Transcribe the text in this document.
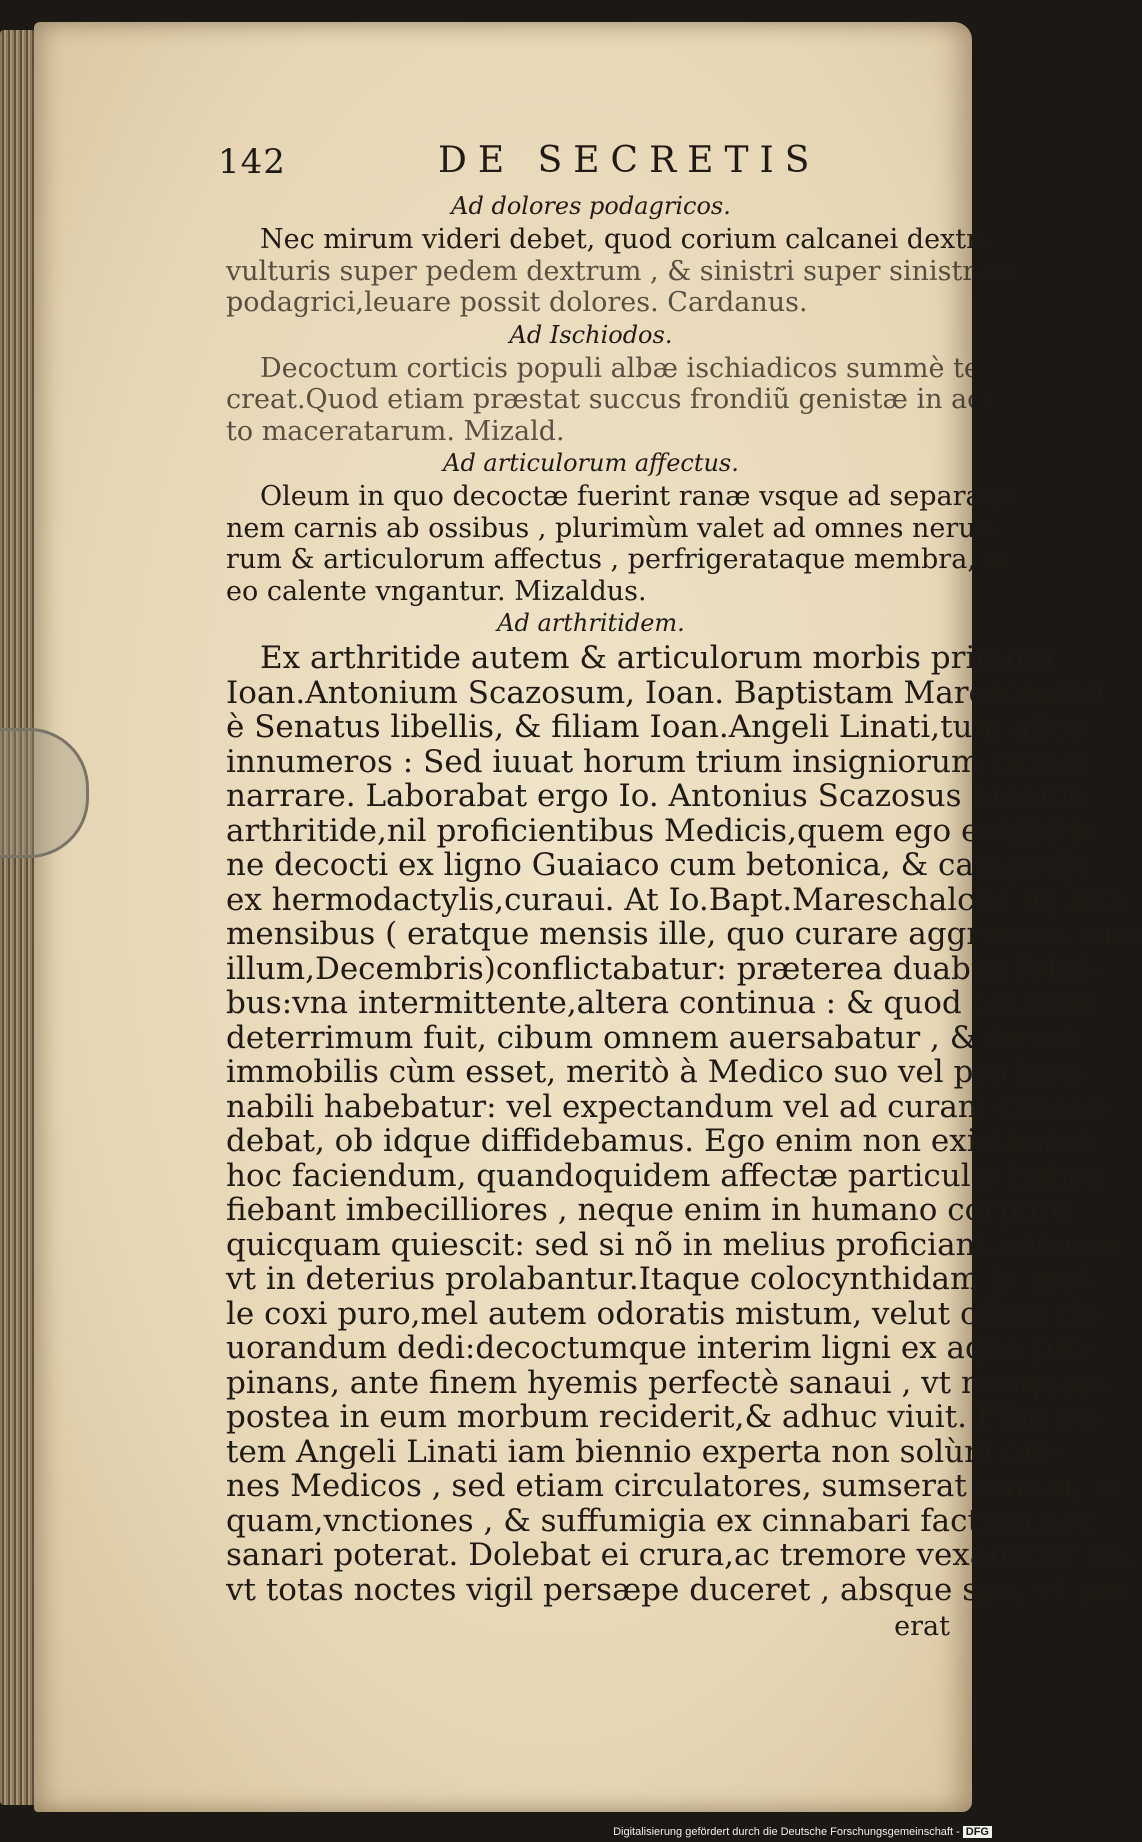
142	DE SECRETIS
Ad dolores podagricos.
Nec mirum videri debet, quod corium calcanei dextri
vulturis super pedem dextrum , & sinistri super sinistrum
podagrici,leuare possit dolores. Cardanus.
Ad Ischiodos.
Decoctum corticis populi albæ ischiadicos summè te-
creat.Quod etiam præstat succus frondiũ genistæ in ace-
to maceratarum. Mizald.
Ad articulorum affectus.
Oleum in quo decoctæ fuerint ranæ vsque ad separatio
nem carnis ab ossibus , plurimùm valet ad omnes neruo-
rum & articulorum affectus , perfrigerataque membra, si
eo calente vngantur. Mizaldus.
Ad arthritidem.
Ex arthritide autem & articulorum morbis primum
Ioan.Antonium Scazosum, Ioan. Baptistam Mareschalcũ
è Senatus libellis, & filiam Ioan.Angeli Linati,tum alios
innumeros : Sed iuuat horum trium insigniorum curam
narrare. Laborabat ergo Io. Antonius Scazosus biennio
arthritide,nil proficientibus Medicis,quem ego exhibitio
ne decocti ex ligno Guaiaco cum betonica, & catapotijs
ex hermodactylis,curaui. At Io.Bapt.Mareschalcus iiij.iam
mensibus ( eratque mensis ille, quo curare aggressus sum
illum,Decembris)conflictabatur: præterea duabus febri-
bus:vna intermittente,altera continua : & quod omnium
deterrimum fuit, cibum omnem auersabatur , & fermè
immobilis cùm esset, meritò à Medico suo vel pro insa-
nabili habebatur: vel expectandum vel ad curam conten-
debat, ob idque diffidebamus. Ego enim non existimaui
hoc faciendum, quandoquidem affectæ particulæ indies
fiebant imbecilliores , neque enim in humano corpore
quicquam quiescit: sed si nõ in melius proficiant,necesse
vt in deterius prolabantur.Itaque colocynthidam in mel-
le coxi puro,mel autem odoratis mistum, velut offam de-
uorandum dedi:decoctumque interim ligni ex aqua pro-
pinans, ante finem hyemis perfectè sanaui , vt nunquam
postea in eum morbum reciderit,& adhuc viuit. Filia au-
tem Angeli Linati iam biennio experta non solùm om-
nes Medicos , sed etiam circulatores, sumserat vinum, a-
quam,vnctiones , & suffumigia ex cinnabari factitio,nec
sanari poterat. Dolebat ei crura,ac tremore vexabatur ita,
vt totas noctes vigil persæpe duceret , absque spe, vt par
erat
Digitalisierung gefördert durch die Deutsche Forschungsgemeinschaft - DFG
